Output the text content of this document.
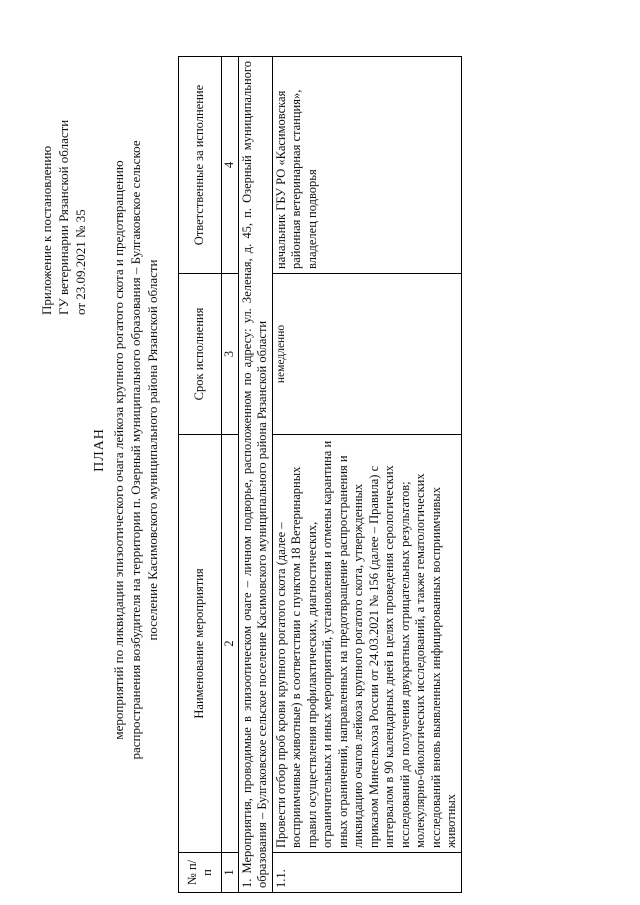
Приложение к постановлению ГУ ветеринарии Рязанской области от 23.09.2021 № 35
ПЛАН мероприятий по ликвидации эпизоотического очага лейкоза крупного рогатого скота и предотвращению распространения возбудителя на территории п. Озерный муниципального образования – Булгаковское сельское поселение Касимовского муниципального района Рязанской области
№ п/п	Наименование мероприятия	Срок исполнения	Ответственные за исполнение
1	2	3	4
1. Мероприятия, проводимые в эпизоотическом очаге – личном подворье, расположенном по адресу: ул. Зеленая, д. 45, п. Озерный муниципального образования – Булгаковское сельское поселение Касимовского муниципального района Рязанской области			
1.1.	Провести отбор проб крови крупного рогатого скота (далее – восприимчивые животные) в соответствии с пунктом 18 Ветеринарных правил осуществления профилактических, диагностических, ограничительных и иных мероприятий, установления и отмены карантина и иных ограничений, направленных на предотвращение распространения и ликвидацию очагов лейкоза крупного рогатого скота, утвержденных приказом Минсельхоза России от 24.03.2021 № 156 (далее – Правила) с интервалом в 90 календарных дней в целях проведения серологических исследований до получения двукратных отрицательных результатов; молекулярно-биологических исследований, а также гематологических исследований вновь выявленных инфицированных восприимчивых животных	немедленно	начальник ГБУ РО «Касимовская районная ветеринарная станция», владелец подворья
